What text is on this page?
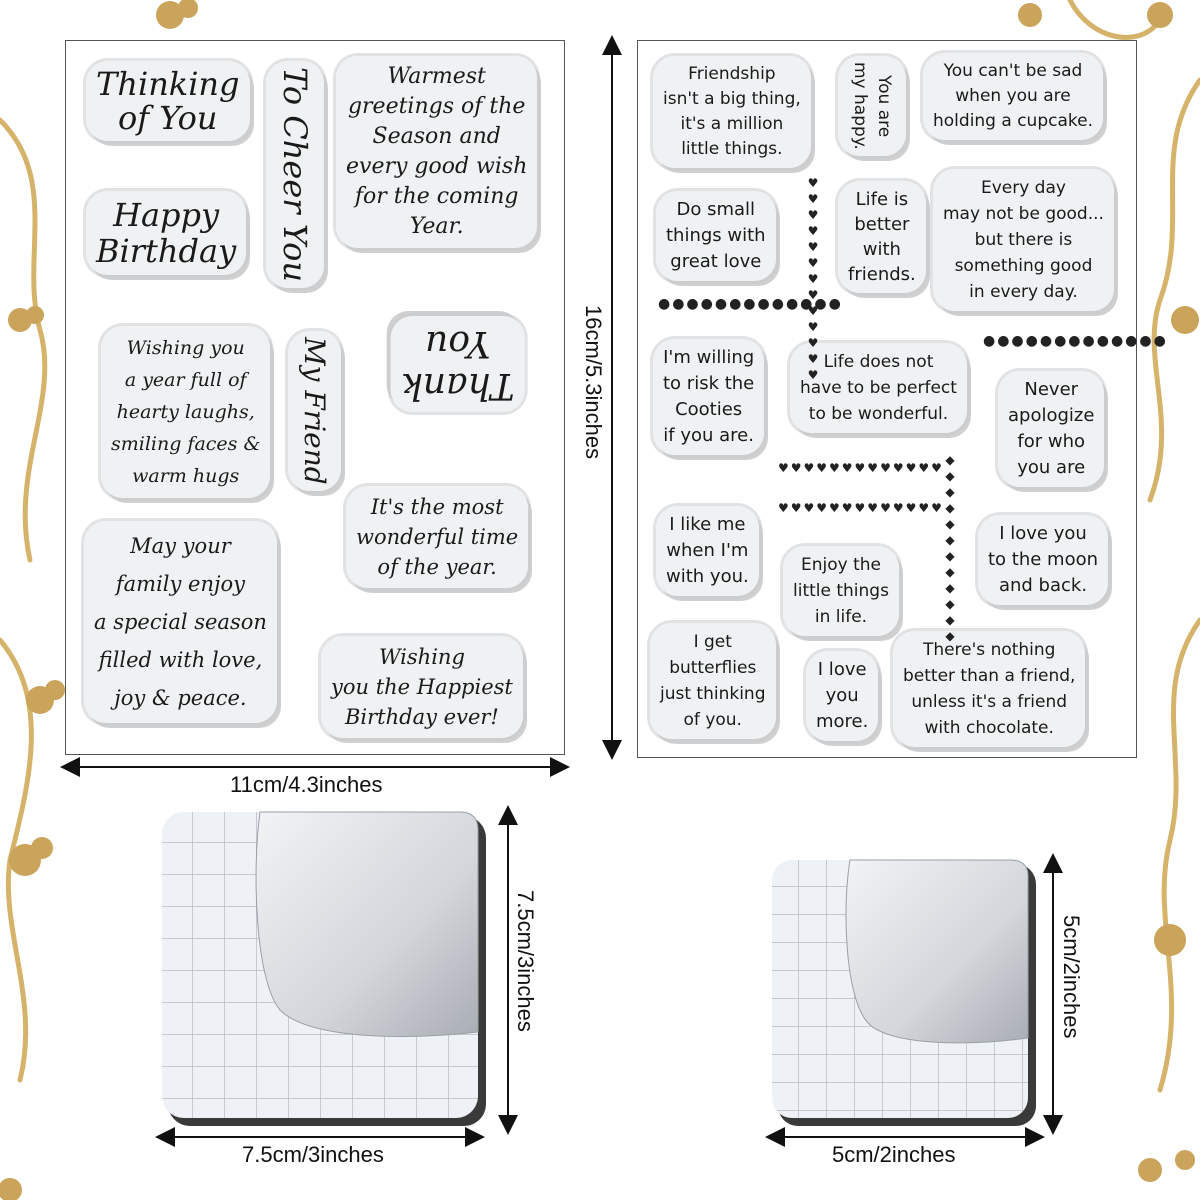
Thinking
of You	To Cheer You	Warmest
greetings of the
Season and
every good wish
for the coming
Year.
Happy
Birthday
Wishing you
a year full of
hearty laughs,
smiling faces &
warm hugs	My Friend Thank
You
It's the most
wonderful time
of the year.
May your
family enjoy
a special season
filled with love,
joy & peace.
Wishing
you the Happiest
Birthday ever!
Friendship
isn't a big thing,
it's a million
little things.
You are
my happy.
You can't be sad
when you are
holding a cupcake.
Do small
things with
great love
Life is
better
with
friends.
Every day
may not be good...
but there is
something good
in every day.
I'm willing
to risk the
Cooties
if you are.
Life does not
have to be perfect
to be wonderful.
Never
apologize
for who
you are
I like me
when I'm
with you.
Enjoy the
little things
in life.
I love you
to the moon
and back.
I get
butterflies
just thinking
of you.
I love
you
more.
There's nothing
better than a friend,
unless it's a friend
with chocolate.
●●●●●●●●●●●●●
♥♥♥♥♥♥♥♥♥♥♥♥♥	●●●●●●●●●●●●●
♥♥♥♥♥♥♥♥♥♥♥♥♥
♥♥♥♥♥♥♥♥♥♥♥♥♥ ◆◆◆◆◆◆◆◆◆◆◆◆
11cm/4.3inches
16cm/5.3inches
7.5cm/3inches
7.5cm/3inches
5cm/2inches
5cm/2inches
